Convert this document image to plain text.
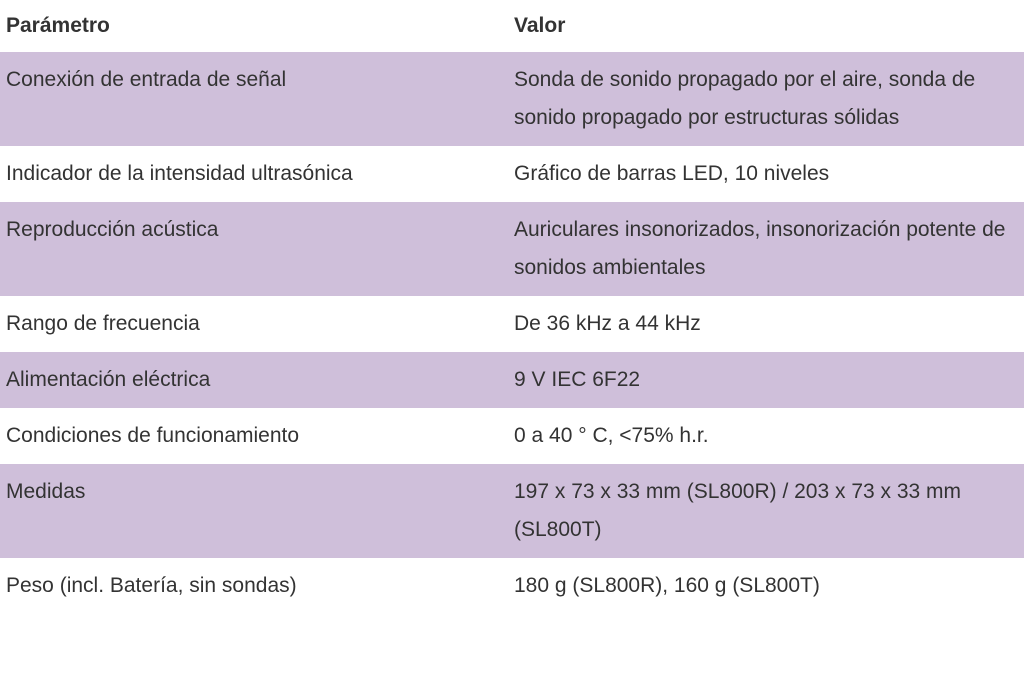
Parámetro	Valor
Conexión de entrada de señal	Sonda de sonido propagado por el aire, sonda de sonido propagado por estructuras sólidas
Indicador de la intensidad ultrasónica	Gráfico de barras LED, 10 niveles
Reproducción acústica	Auriculares insonorizados, insonorización potente de sonidos ambientales
Rango de frecuencia	De 36 kHz a 44 kHz
Alimentación eléctrica	9 V IEC 6F22
Condiciones de funcionamiento	0 a 40 ° C, <75% h.r.
Medidas	197 x 73 x 33 mm (SL800R) / 203 x 73 x 33 mm (SL800T)
Peso (incl. Batería, sin sondas)	180 g (SL800R), 160 g (SL800T)
